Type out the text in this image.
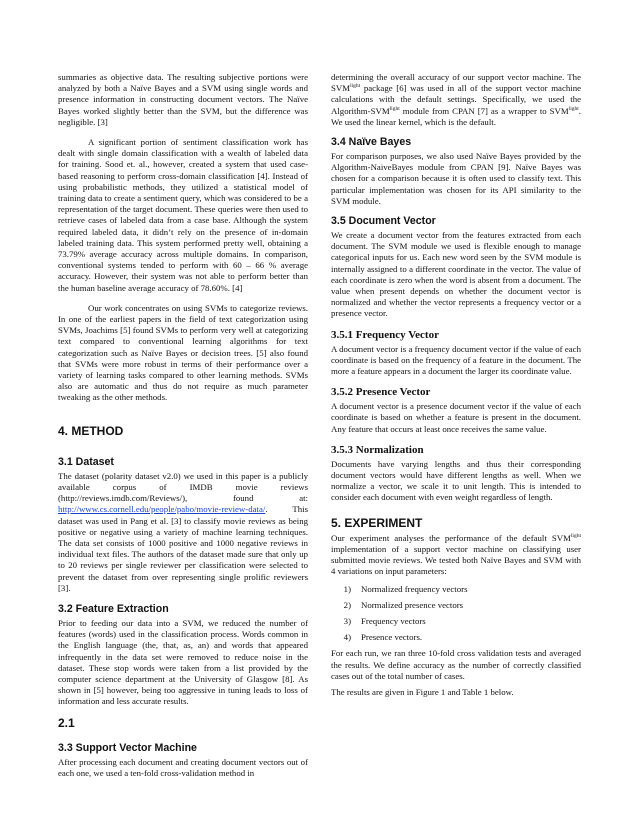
summaries as objective data. The resulting subjective portions were analyzed by both a Naïve Bayes and a SVM using single words and presence information in constructing document vectors. The Naïve Bayes worked slightly better than the SVM, but the difference was negligible. [3]

A significant portion of sentiment classification work has dealt with single domain classification with a wealth of labeled data for training. Sood et. al., however, created a system that used case-based reasoning to perform cross-domain classification [4]. Instead of using probabilistic methods, they utilized a statistical model of training data to create a sentiment query, which was considered to be a representation of the target document. These queries were then used to retrieve cases of labeled data from a case base. Although the system required labeled data, it didn’t rely on the presence of in-domain labeled training data. This system performed pretty well, obtaining a 73.79% average accuracy across multiple domains. In comparison, conventional systems tended to perform with 60 – 66 % average accuracy. However, their system was not able to perform better than the human baseline average accuracy of 78.60%. [4]

Our work concentrates on using SVMs to categorize reviews. In one of the earliest papers in the field of text categorization using SVMs, Joachims [5] found SVMs to perform very well at categorizing text compared to conventional learning algorithms for text categorization such as Naïve Bayes or decision trees. [5] also found that SVMs were more robust in terms of their performance over a variety of learning tasks compared to other learning methods. SVMs also are automatic and thus do not require as much parameter tweaking as the other methods.

4. METHOD
3.1 Dataset

The dataset (polarity dataset v2.0) we used in this paper is a publicly available corpus of IMDB movie reviews (http://reviews.imdb.com/Reviews/), found at: http://www.cs.cornell.edu/people/pabo/movie-review-data/. This dataset was used in Pang et al. [3] to classify movie reviews as being positive or negative using a variety of machine learning techniques. The data set consists of 1000 positive and 1000 negative reviews in individual text files. The authors of the dataset made sure that only up to 20 reviews per single reviewer per classification were selected to prevent the dataset from over representing single prolific reviewers [3].

3.2 Feature Extraction

Prior to feeding our data into a SVM, we reduced the number of features (words) used in the classification process. Words common in the English language (the, that, as, an) and words that appeared infrequently in the data set were removed to reduce noise in the dataset. These stop words were taken from a list provided by the computer science department at the University of Glasgow [8]. As shown in [5] however, being too aggressive in tuning leads to loss of information and less accurate results.

2.1
3.3 Support Vector Machine

After processing each document and creating document vectors out of each one, we used a ten-fold cross-validation method in

determining the overall accuracy of our support vector machine. The $SVM^{light}$ package [6] was used in all of the support vector machine calculations with the default settings. Specifically, we used the Algorithm-$SVM^{light}$ module from CPAN [7] as a wrapper to $SVM^{light}$. We used the linear kernel, which is the default.

3.4 Naïve Bayes

For comparison purposes, we also used Naïve Bayes provided by the Algorithm-NaiveBayes module from CPAN [9]. Naïve Bayes was chosen for a comparison because it is often used to classify text. This particular implementation was chosen for its API similarity to the SVM module.

3.5 Document Vector

We create a document vector from the features extracted from each document. The SVM module we used is flexible enough to manage categorical inputs for us. Each new word seen by the SVM module is internally assigned to a different coordinate in the vector. The value of each coordinate is zero when the word is absent from a document. The value when present depends on whether the document vector is normalized and whether the vector represents a frequency vector or a presence vector.

3.5.1 Frequency Vector

A document vector is a frequency document vector if the value of each coordinate is based on the frequency of a feature in the document. The more a feature appears in a document the larger its coordinate value.

3.5.2 Presence Vector

A document vector is a presence document vector if the value of each coordinate is based on whether a feature is present in the document. Any feature that occurs at least once receives the same value.

3.5.3 Normalization

Documents have varying lengths and thus their corresponding document vectors would have different lengths as well. When we normalize a vector, we scale it to unit length. This is intended to consider each document with even weight regardless of length.

5. EXPERIMENT

Our experiment analyses the performance of the default $SVM^{light}$ implementation of a support vector machine on classifying user submitted movie reviews. We tested both Naïve Bayes and SVM with 4 variations on input parameters:

1)	Normalized frequency vectors
2)	Normalized presence vectors
3)	Frequency vectors
4)	Presence vectors.

For each run, we ran three 10-fold cross validation tests and averaged the results. We define accuracy as the number of correctly classified cases out of the total number of cases.

The results are given in Figure 1 and Table 1 below.
